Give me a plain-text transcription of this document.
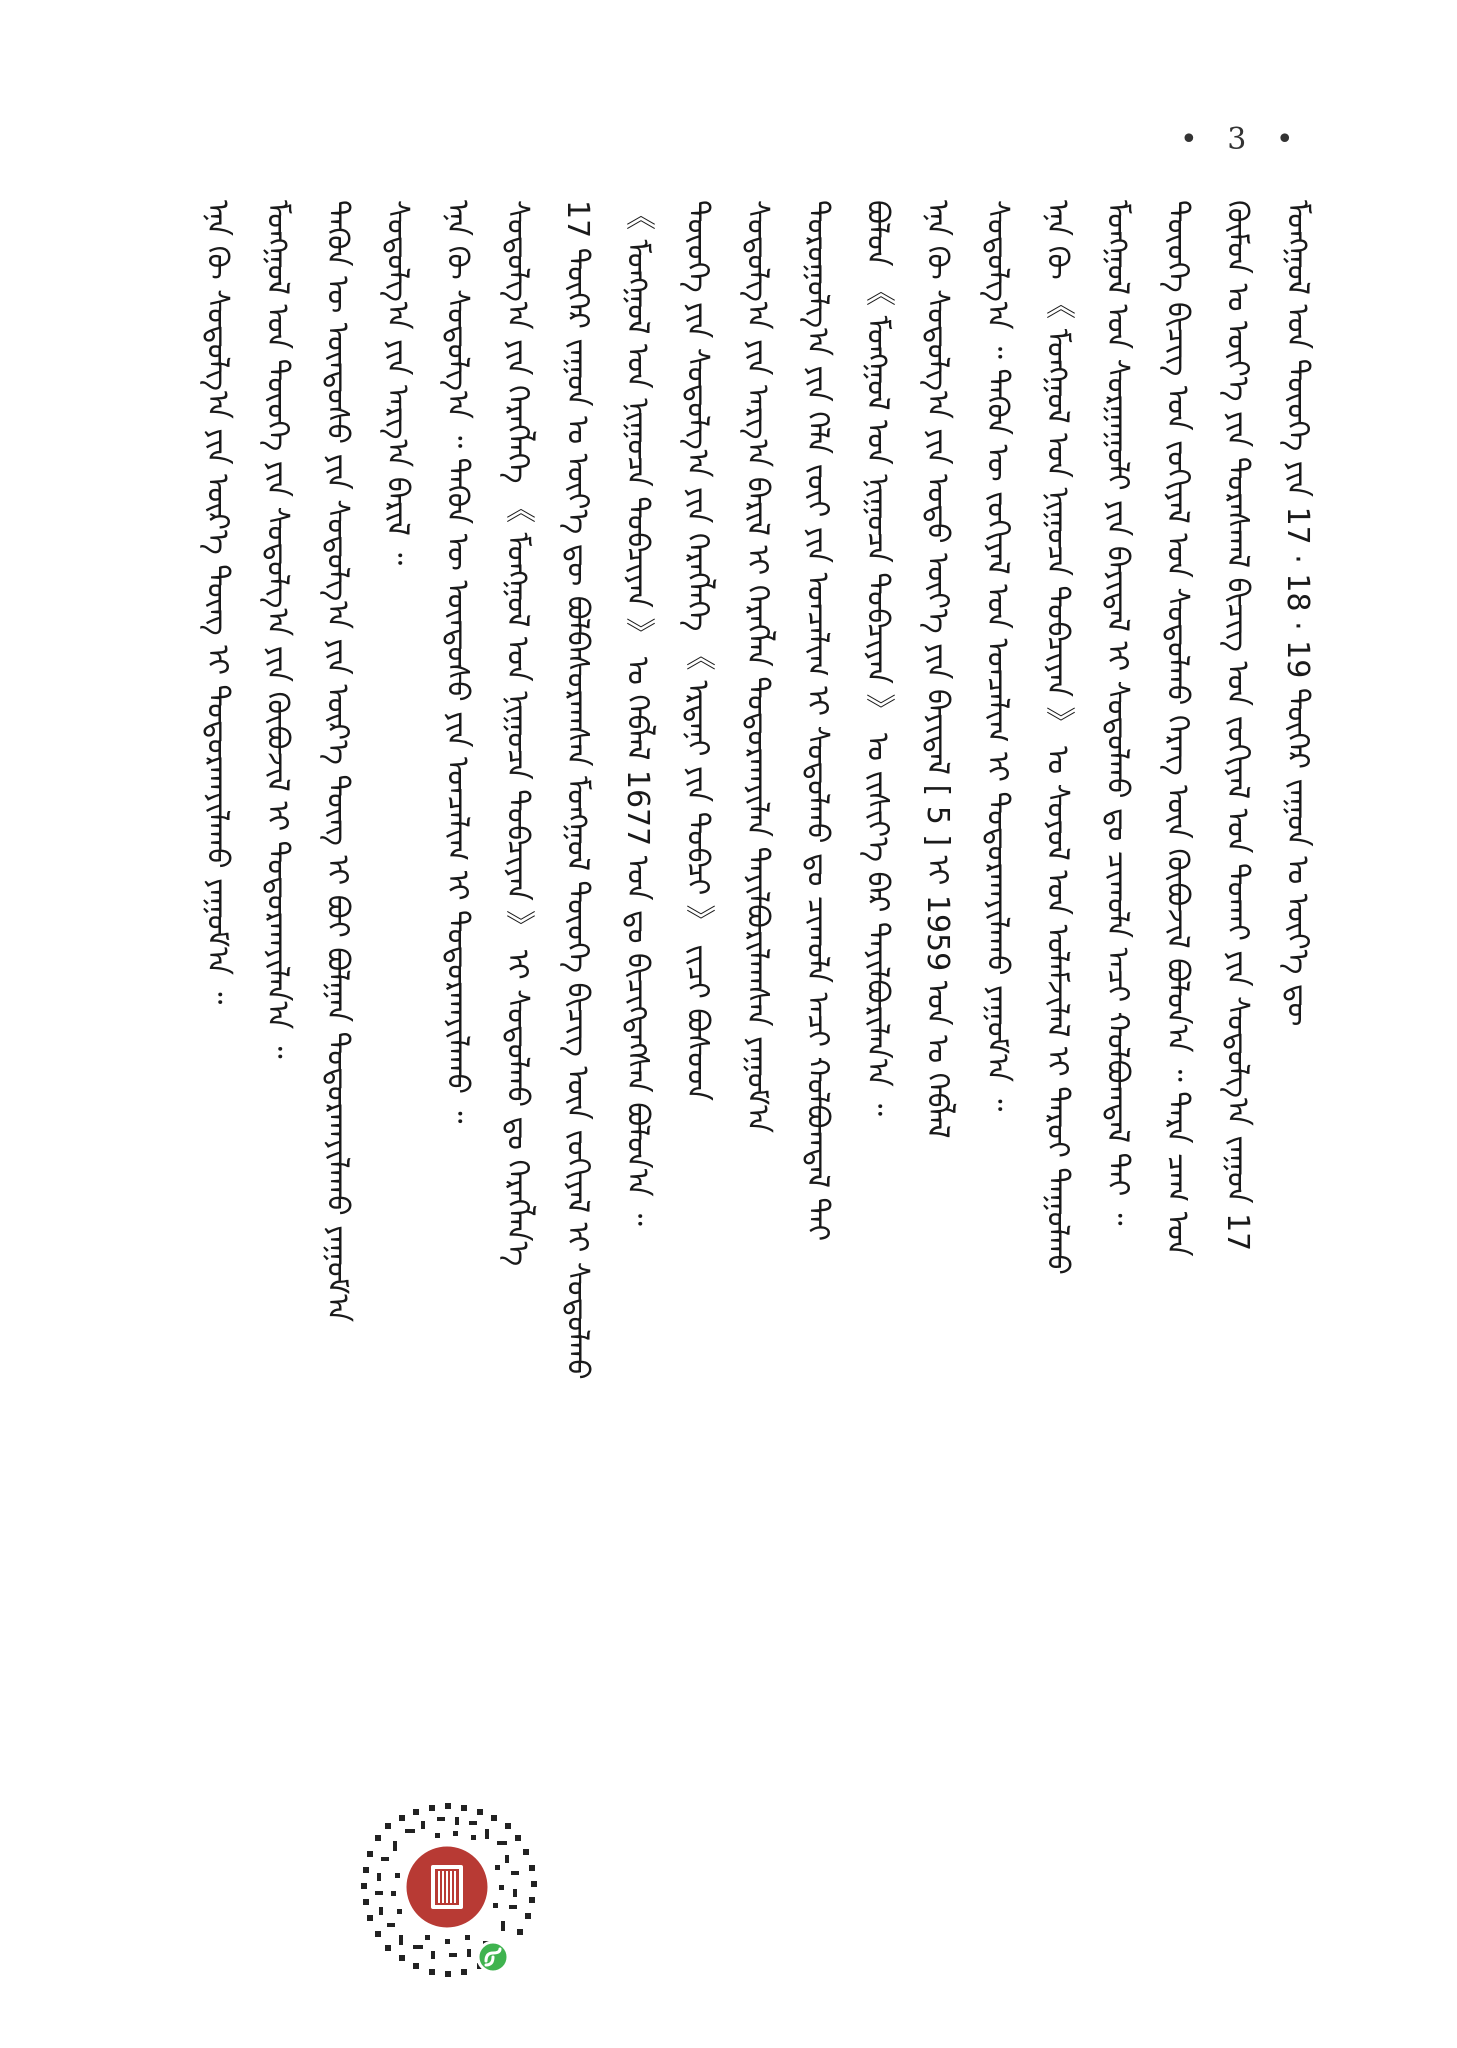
• 3 •
ᠮᠣᠩᠭᠣᠯ ᠤᠨ ᠲᠦᠦᠬᠡ ᠶᠢᠨ 17 · 18 · 19 ᠳᠦᠭᠡᠷ ᠵᠠᠭᠤᠨ ᠤ ᠦᠶ᠎ᠡ ᠳᠦ
ᠬᠦᠮᠦᠨ ᠤ ᠦᠶ᠎ᠡ ᠶᠢᠨ ᠳᠤᠷᠠᠰᠬᠠᠯ ᠪᠢᠴᠢᠭ ᠤᠨ ᠵᠣᠬᠢᠶᠠᠯ ᠤᠨ ᠲᠤᠬᠠᠢ ᠶᠢᠨ ᠰᠤᠳᠤᠯᠭ᠎ᠠ ᠵᠠᠭᠤᠨ 17
ᠲᠦᠦᠬᠡ ᠪᠢᠴᠢᠭ ᠤᠨ ᠵᠣᠬᠢᠶᠠᠯ ᠤᠨ ᠰᠤᠳᠤᠯᠬᠤ ᠬᠡᠷᠡᠭ ᠦᠨ ᠬᠦᠪᠦᠵᠢᠯ ᠪᠣᠯᠤᠨ᠎ᠠ ᠃ ᠲᠡᠷᠡ ᠴᠠᠭ ᠤᠨ
ᠮᠣᠩᠭᠣᠯ ᠤᠨ ᠰᠤᠷᠭᠠᠭᠤᠯᠢ ᠶᠢᠨ ᠪᠠᠶᠢᠳᠠᠯ ᠢ ᠰᠤᠳᠤᠯᠬᠤ ᠳᠤ ᠴᠢᠬᠤᠯᠠ ᠠᠴᠢ ᠬᠣᠯᠪᠣᠭᠳᠠᠯ ᠲᠠᠢ ᠃
ᠡᠨᠡ ᠬᠦ 《 ᠮᠣᠩᠭᠣᠯ ᠤᠨ ᠨᠢᠭᠤᠴᠠ ᠲᠣᠪᠴᠢᠶᠠᠨ 》 ᠤ ᠰᠣᠶᠣᠯ ᠤᠨ ᠤᠯᠠᠮᠵᠢᠯᠠᠯ ᠢ ᠳᠠᠷᠤᠢ ᠲᠠᠭᠤᠯᠬᠤ
ᠰᠤᠳᠤᠯᠭ᠎ᠠ ᠃ ᠲᠡᠭᠦᠨ ᠦ ᠵᠣᠬᠢᠶᠠᠯ ᠤᠨ ᠣᠨᠴᠠᠯᠢᠭ ᠢ ᠲᠣᠳᠣᠷᠬᠠᠶᠢᠯᠠᠬᠤ ᠶᠠᠭᠤᠮ᠎ᠠ ᠃
ᠡᠨᠡ ᠬᠦ ᠰᠤᠳᠤᠯᠭ᠎ᠠ ᠶᠢᠨ ᠣᠳᠣ ᠦᠶ᠎ᠡ ᠶᠢᠨ ᠪᠠᠶᠢᠳᠠᠯ [ 5 ] ᠢ 1959 ᠣᠨ ᠤ ᠬᠡᠪᠯᠡᠯ
ᠪᠣᠯᠤᠨ 《 ᠮᠣᠩᠭᠣᠯ ᠤᠨ ᠨᠢᠭᠤᠴᠠ ᠲᠣᠪᠴᠢᠶᠠᠨ 》 ᠤ ᠵᠢᠱᠢᠶ᠎ᠡ ᠪᠡᠷ ᠲᠠᠶᠢᠯᠪᠤᠷᠢᠯᠠᠨ᠎ᠠ ᠃
ᠳᠣᠷᠤᠭᠤᠯᠭ᠎ᠠ ᠶᠢᠨ ᠬᠡᠯᠡ ᠵᠦᠢ ᠶᠢᠨ ᠣᠨᠴᠠᠯᠢᠭ ᠢ ᠰᠤᠳᠤᠯᠬᠤ ᠳᠤ ᠴᠢᠬᠤᠯᠠ ᠠᠴᠢ ᠬᠣᠯᠪᠣᠭᠳᠠᠯ ᠲᠠᠢ
ᠰᠤᠳᠤᠯᠭ᠎ᠠ ᠶᠢᠨ ᠠᠷᠭ᠎ᠠ ᠪᠠᠷᠢᠯ ᠢ ᠬᠡᠷᠡᠭᠯᠡᠨ ᠲᠣᠳᠣᠷᠬᠠᠶᠢᠯᠠᠨ ᠲᠠᠶᠢᠯᠪᠤᠷᠢᠯᠠᠭᠰᠠᠨ ᠶᠠᠭᠤᠮ᠎ᠠ
ᠲᠦᠦᠬᠡ ᠶᠢᠨ ᠰᠤᠳᠤᠯᠭ᠎ᠠ ᠶᠢᠨ ᠬᠡᠷᠡᠭᠯᠡᠭᠡ 《 ᠡᠷᠳᠡᠨᠢ ᠶᠢᠨ ᠲᠣᠪᠴᠢ 》 ᠵᠢᠴᠢ ᠪᠤᠰᠤᠳ
《 ᠮᠣᠩᠭᠣᠯ ᠤᠨ ᠨᠢᠭᠤᠴᠠ ᠲᠣᠪᠴᠢᠶᠠᠨ 》 ᠤ ᠬᠡᠪᠯᠡᠯ 1677 ᠣᠨ ᠳᠤ ᠪᠢᠴᠢᠭᠳᠡᠭᠰᠡᠨ ᠪᠣᠯᠤᠨ᠎ᠠ ᠃
17 ᠳᠦᠭᠡᠷ ᠵᠠᠭᠤᠨ ᠤ ᠦᠶ᠎ᠡ ᠳᠦ ᠪᠣᠯᠪᠠᠰᠤᠷᠠᠭᠰᠠᠨ ᠮᠣᠩᠭᠣᠯ ᠲᠦᠦᠬᠡ ᠪᠢᠴᠢᠭ ᠦᠨ ᠵᠣᠬᠢᠶᠠᠯ ᠢ ᠰᠤᠳᠤᠯᠬᠤ
ᠰᠤᠳᠤᠯᠭ᠎ᠠ ᠶᠢᠨ ᠬᠡᠷᠡᠭᠯᠡᠭᠡ 《 ᠮᠣᠩᠭᠣᠯ ᠤᠨ ᠨᠢᠭᠤᠴᠠ ᠲᠣᠪᠴᠢᠶᠠᠨ 》 ᠢ ᠰᠤᠳᠤᠯᠬᠤ ᠳᠤ ᠬᠡᠷᠡᠭᠯᠡᠨ᠎ᠡ
ᠡᠨᠡ ᠬᠦ ᠰᠤᠳᠤᠯᠭ᠎ᠠ ᠃ ᠲᠡᠭᠦᠨ ᠦ ᠦᠨᠳᠦᠰᠦ ᠶᠢᠨ ᠣᠨᠴᠠᠯᠢᠭ ᠢ ᠲᠣᠳᠣᠷᠬᠠᠶᠢᠯᠠᠬᠤ ᠃
ᠰᠤᠳᠤᠯᠭ᠎ᠠ ᠶᠢᠨ ᠠᠷᠭ᠎ᠠ ᠪᠠᠷᠢᠯ ᠃
ᠲᠡᠭᠦᠨ ᠦ ᠦᠨᠳᠦᠰᠦ ᠶᠢᠨ ᠰᠤᠳᠤᠯᠭ᠎ᠠ ᠶᠢᠨ ᠦᠷ᠎ᠡ ᠳᠦᠩ ᠢ ᠪᠤᠶ ᠪᠣᠯᠭᠠᠨ ᠲᠣᠳᠣᠷᠬᠠᠶᠢᠯᠠᠬᠤ ᠶᠠᠭᠤᠮ᠎ᠠ
ᠮᠣᠩᠭᠣᠯ ᠤᠨ ᠲᠦᠦᠬᠡ ᠶᠢᠨ ᠰᠤᠳᠤᠯᠭ᠎ᠠ ᠶᠢᠨ ᠬᠦᠪᠦᠵᠢᠯ ᠢ ᠲᠣᠳᠣᠷᠬᠠᠶᠢᠯᠠᠨ᠎ᠠ ᠃
ᠡᠨᠡ ᠬᠦ ᠰᠤᠳᠤᠯᠭ᠎ᠠ ᠶᠢᠨ ᠦᠷ᠎ᠡ ᠳᠦᠩ ᠢ ᠲᠣᠳᠣᠷᠬᠠᠶᠢᠯᠠᠬᠤ ᠶᠠᠭᠤᠮ᠎ᠠ ᠃
